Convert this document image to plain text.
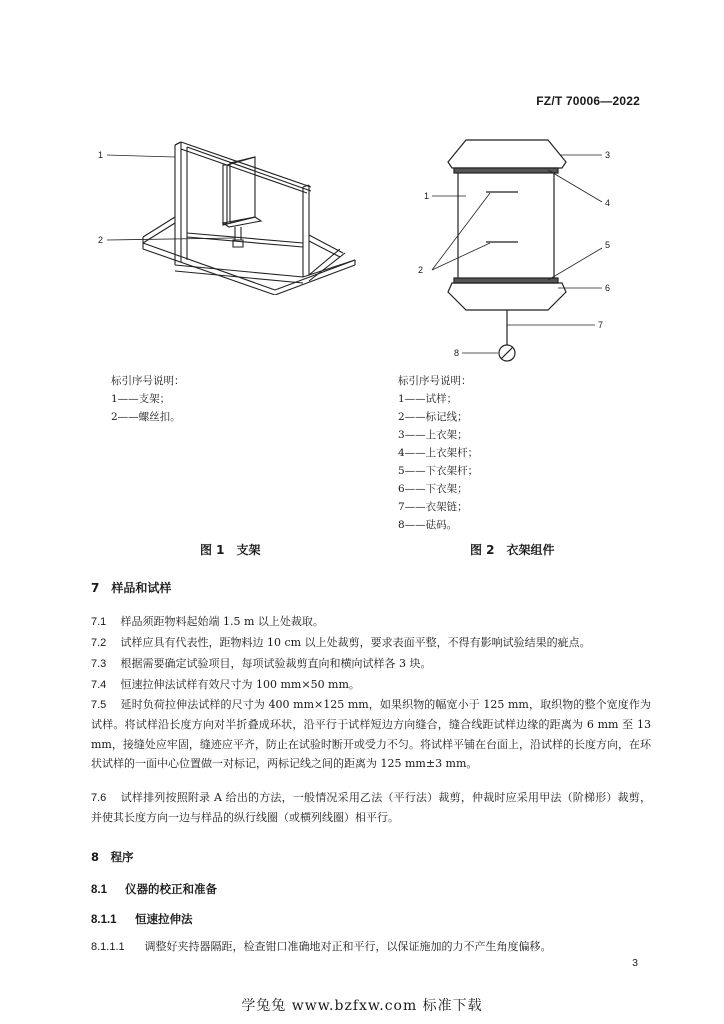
FZ/T 70006—2022
1
2
3
1
4
5
2
6
7
8
标引序号说明：
1——支架；
2——螺丝扣。
标引序号说明：
1——试样；
2——标记线；
3——上衣架；
4——上衣架杆；
5——下衣架杆；
6——下衣架；
7——衣架链；
8——砝码。
图 1　支架	图 2　衣架组件
7　样品和试样
7.1 样品须距物料起始端 1.5 m 以上处裁取。
7.2 试样应具有代表性，距物料边 10 cm 以上处裁剪，要求表面平整，不得有影响试验结果的疵点。
7.3 根据需要确定试验项目，每项试验裁剪直向和横向试样各 3 块。
7.4 恒速拉伸法试样有效尺寸为 100 mm×50 mm。
7.5 延时负荷拉伸法试样的尺寸为 400 mm×125 mm，如果织物的幅宽小于 125 mm，取织物的整个宽度作为试样。将试样沿长度方向对半折叠成环状，沿平行于试样短边方向缝合，缝合线距试样边缘的距离为 6 mm 至 13 mm，接缝处应牢固，缝迹应平齐，防止在试验时断开或受力不匀。将试样平铺在台面上，沿试样的长度方向，在环状试样的一面中心位置做一对标记，两标记线之间的距离为 125 mm±3 mm。
7.6 试样排列按照附录 A 给出的方法，一般情况采用乙法（平行法）裁剪，仲裁时应采用甲法（阶梯形）裁剪，并使其长度方向一边与样品的纵行线圈（或横列线圈）相平行。
8　程序
8.1 仪器的校正和准备
8.1.1 恒速拉伸法
8.1.1.1 调整好夹持器隔距，检查钳口准确地对正和平行，以保证施加的力不产生角度偏移。
3
学兔兔 www.bzfxw.com 标准下载
